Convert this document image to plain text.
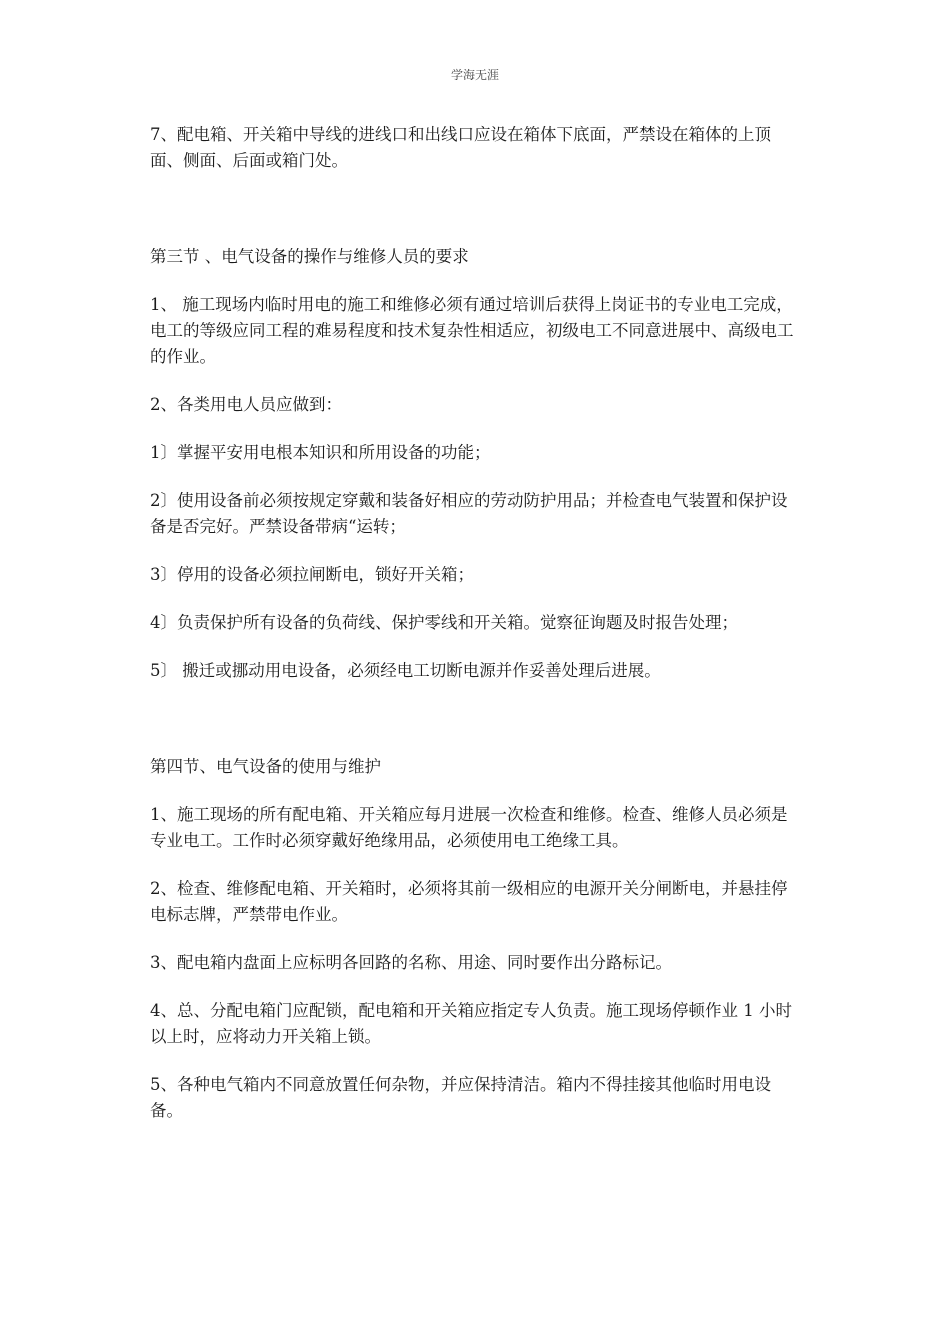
学海无涯

7、配电箱、开关箱中导线的进线口和出线口应设在箱体下底面，严禁设在箱体的上顶面、侧面、后面或箱门处。

第三节 、电气设备的操作与维修人员的要求

1、 施工现场内临时用电的施工和维修必须有通过培训后获得上岗证书的专业电工完成，电工的等级应同工程的难易程度和技术复杂性相适应，初级电工不同意进展中、高级电工的作业。

2、各类用电人员应做到：

1〕掌握平安用电根本知识和所用设备的功能；

2〕使用设备前必须按规定穿戴和装备好相应的劳动防护用品；并检查电气装置和保护设备是否完好。严禁设备带病“运转；

3〕停用的设备必须拉闸断电，锁好开关箱；

4〕负责保护所有设备的负荷线、保护零线和开关箱。觉察征询题及时报告处理；

5〕 搬迁或挪动用电设备，必须经电工切断电源并作妥善处理后进展。

第四节、电气设备的使用与维护

1、施工现场的所有配电箱、开关箱应每月进展一次检查和维修。检查、维修人员必须是专业电工。工作时必须穿戴好绝缘用品，必须使用电工绝缘工具。

2、检查、维修配电箱、开关箱时，必须将其前一级相应的电源开关分闸断电，并悬挂停电标志牌，严禁带电作业。

3、配电箱内盘面上应标明各回路的名称、用途、同时要作出分路标记。

4、总、分配电箱门应配锁，配电箱和开关箱应指定专人负责。施工现场停顿作业 1 小时以上时，应将动力开关箱上锁。

5、各种电气箱内不同意放置任何杂物，并应保持清洁。箱内不得挂接其他临时用电设备。
